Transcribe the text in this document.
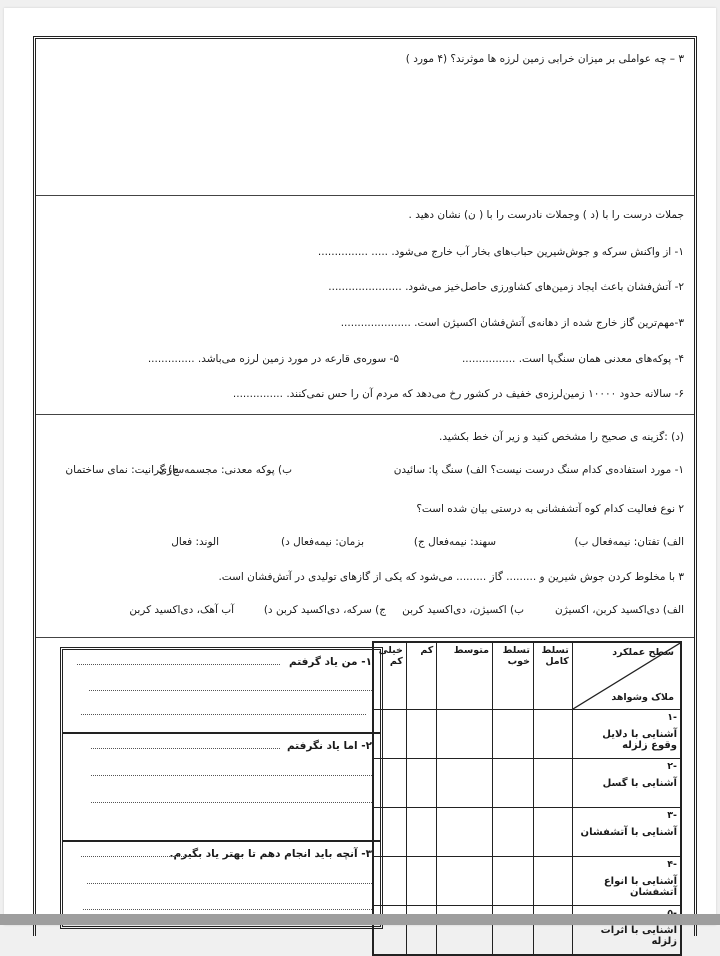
۳ – چه عواملی بر میزان خرابی زمین لرزه ها موثرند؟ (۴ مورد )
جملات درست را با (د ) وجملات نادرست را با ( ن) نشان دهید .
۱- از واکنش سرکه و جوش‌شیرین حباب‌های بخار آب خارج می‌شود. ..... ...............
۲- آتش‌فشان باعث ایجاد زمین‌های کشاورزی حاصل‌خیز می‌شود. ......................
۳-مهم‌ترین گاز خارج شده از دهانه‌ی آتش‌فشان اکسیژن است. .....................
۴- پوکه‌های معدنی همان سنگ‌پا است. ................
۵- سوره‌ی قارعه در مورد زمین لرزه می‌باشد. ..............
۶- سالانه حدود ۱۰۰۰۰ زمین‌لرزه‌ی خفیف در کشور رخ می‌دهد که مردم آن را حس نمی‌کنند. ...............
(د) :گزینه ی صحیح را مشخص کنید و زیر آن خط بکشید.
۱- مورد استفاده‌ی کدام سنگ درست نیست؟ الف) سنگ پا: سائیدن
ب) پوکه معدنی: مجسمه‌سازی
ج) گرانیت: نمای ساختمان
۲ نوع فعالیت کدام کوه آتشفشانی به درستی بیان شده است؟
الف) تفتان: نیمه‌فعال ب)
سهند: نیمه‌فعال ج)
بزمان: نیمه‌فعال د)
الوند: فعال
۳ با مخلوط کردن جوش شیرین و ......... گاز ......... می‌شود که یکی از گازهای تولیدی در آتش‌فشان است.
الف) دی‌اکسید کربن، اکسیژن
ب) اکسیژن، دی‌اکسید کربن
ج) سرکه، دی‌اکسید کربن د)
آب آهک، دی‌اکسید کربن
۱- من یاد گرفتم
۲- اما یاد نگرفتم
۳- آنچه باید انجام دهم تا بهتر یاد بگیرم.
سطح عملکرد
ملاک وشواهد	تسلط کامل	تسلط خوب	متوسط	کم	خیلی کم

-۱
آشنایی با دلایل وقوع زلزله					

-۲
آشنایی با گسل					

-۳
آشنایی با آتشفشان					

-۴
آشنایی با انواع آتشفشان					

آشنایی با اثرات زلزله					
